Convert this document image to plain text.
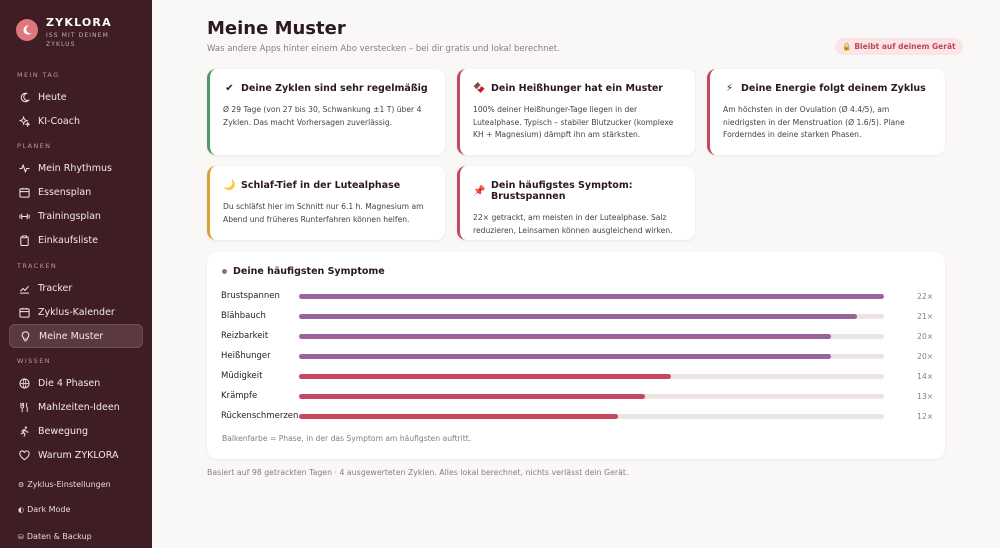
ZYKLORA
ISS MIT DEINEM ZYKLUS
MEIN TAG
Heute
KI-Coach
PLANEN
Mein Rhythmus
Essensplan
Trainingsplan
Einkaufsliste
TRACKEN
Tracker
Zyklus-Kalender
Meine Muster
WISSEN
Die 4 Phasen
Mahlzeiten-Ideen
Bewegung
Warum ZYKLORA
⚙ Zyklus-Einstellungen
◐ Dark Mode
⛁ Daten & Backup
Meine Muster
Was andere Apps hinter einem Abo verstecken – bei dir gratis und lokal berechnet.	🔒 Bleibt auf deinem Gerät
✔ Deine Zyklen sind sehr regelmäßig
Ø 29 Tage (von 27 bis 30, Schwankung ±1 T) über 4 Zyklen. Das macht Vorhersagen zuverlässig.
🍫 Dein Heißhunger hat ein Muster
100% deiner Heißhunger-Tage liegen in der Lutealphase. Typisch – stabiler Blutzucker (komplexe KH + Magnesium) dämpft ihn am stärksten.
⚡ Deine Energie folgt deinem Zyklus
Am höchsten in der Ovulation (Ø 4.4/5), am niedrigsten in der Menstruation (Ø 1.6/5). Plane Forderndes in deine starken Phasen.
🌙 Schlaf-Tief in der Lutealphase
Du schläfst hier im Schnitt nur 6.1 h. Magnesium am Abend und früheres Runterfahren können helfen.
📌 Dein häufigstes Symptom: Brustspannen
22× getrackt, am meisten in der Lutealphase. Salz reduzieren, Leinsamen können ausgleichend wirken.
Deine häufigsten Symptome
Brustspannen	22×
Blähbauch	21×
Reizbarkeit	20×
Heißhunger	20×
Müdigkeit	14×
Krämpfe	13×
Rückenschmerzen	12×
Balkenfarbe = Phase, in der das Symptom am häufigsten auftritt.
Basiert auf 98 getrackten Tagen · 4 ausgewerteten Zyklen. Alles lokal berechnet, nichts verlässt dein Gerät.
